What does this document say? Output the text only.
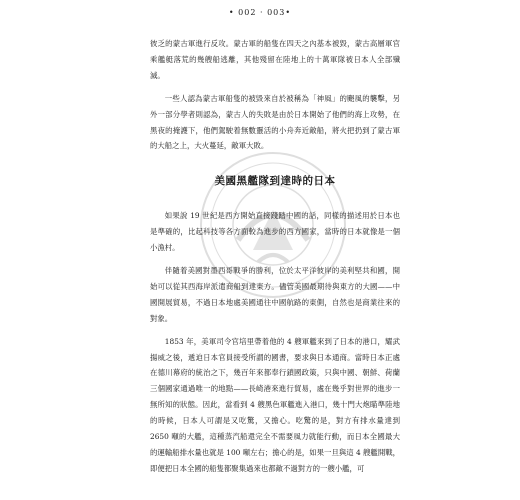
• 002 · 003•

彼乏的蒙古軍進行反攻。蒙古軍的船隻在四天之內基本被毀，蒙古高層軍官乘艦艇落荒的幾艘船逃離，其他殘留在陸地上的十萬軍隊被日本人全部殲滅。

一些人認為蒙古軍船隻的被毀來自於被稱為「神風」的颶風的襲擊，另外一部分學者則認為，蒙古人的失敗是由於日本開始了他們的海上攻勢，在黑夜的掩護下，他們駕駛着無數靈活的小舟奔近敵船，將火把扔到了蒙古軍的大船之上，大火蔓延，敵軍大敗。

美國黑艦隊到達時的日本

如果說 19 世紀是西方開始直接踐踏中國的話，同樣的描述用於日本也是準確的，比起科技等各方面較為進步的西方國家，當時的日本就像是一個小漁村。

伴隨着美國對墨西哥戰爭的勝利，位於太平洋彼岸的美利堅共和國，開始可以從其西海岸派遣商船到達東方。儘管美國最期待與東方的大國——中國開展貿易，不過日本地處美國通往中國航路的東側，自然也是商業往來的對象。

1853 年，美軍司令官培里帶着他的 4 艘軍艦來到了日本的港口，耀武揚威之後，遞迫日本官員接受所謂的國書，要求與日本通商。當時日本正處在德川幕府的統治之下，幾百年來都奉行鎖國政策，只與中國、朝鮮、荷蘭三個國家通過唯一的地點——長崎港來進行貿易，處在幾乎對世界的進步一無所知的狀態。因此，當看到 4 艘黑色軍艦進入港口，幾十門大炮瞄準陸地的時候，日本人可謂是又吃驚，又擔心。吃驚的是，對方有排水量達到 2650 噸的大艦，這種蒸汽船還完全不需要風力就能行動，而日本全國最大的運輸船排水量也就是 100 噸左右；擔心的是，如果一旦與這 4 艘艦開戰，即便把日本全國的船隻都聚集過來也都敵不過對方的一艘小艦，可
